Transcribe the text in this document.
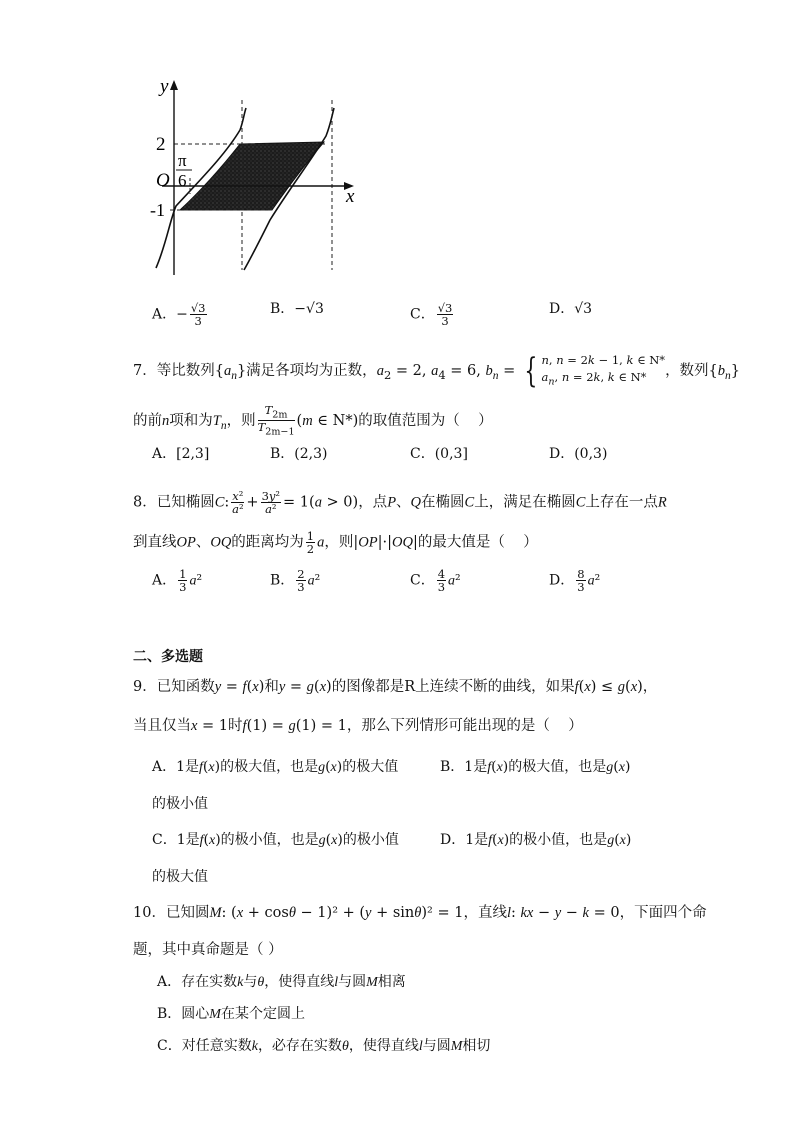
y
x
O
2
-1
π
6
A．− $\frac{√3}{3}$	B．−√3	C． $\frac{√3}{3}$	D．√3
7．等比数列$\{a_n\}$满足各项均为正数，$a_2 = 2$, $a_4 = 6$, $b_n$ = { n, n = 2k − 1, k ∈ N*
$a_n$, n = 2k, k ∈ N*	，数列$\{b_n\}$
的前n项和为$T_n$，则 $\frac{T_{2m}}{T_{2m-1}} (m$ ∈ N*)的取值范围为（    ）
A．[2,3]	B．(2,3)	C．(0,3]	D．(0,3)
8．已知椭圆C: $\frac{\text{x²}}{\text{a²}} + \frac{\text{3y²}}{\text{a²}} = 1(a > 0)$，点P、Q在椭圆C上，满足在椭圆C上存在一点R
到直线OP、OQ的距离均为 $\frac{1}{2}$ a，则|OP|·|OQ|的最大值是（    ）
A． $\frac{1}{3} a^2$	B． $\frac{2}{3} a^2$	C． $\frac{4}{3} a^2$	D． $\frac{8}{3} a^2$
二、多选题
9．已知函数y = f(x)和y = g(x)的图像都是R上连续不断的曲线，如果f(x) ≤ g(x)，
当且仅当x = 1时f(1) = g(1) = 1，那么下列情形可能出现的是（    ）
A．1是f(x)的极大值，也是g(x)的极大值	B．1是f(x)的极大值，也是g(x)
的极小值
C．1是f(x)的极小值，也是g(x)的极小值	D．1是f(x)的极小值，也是g(x)
的极大值
10．已知圆M: (x + cosθ − 1)² + (y + sinθ)² = 1，直线l: kx − y − k = 0，下面四个命
题，其中真命题是（ ）
A．存在实数k与θ，使得直线l与圆M相离
B．圆心M在某个定圆上
C．对任意实数k，必存在实数θ，使得直线l与圆M相切
